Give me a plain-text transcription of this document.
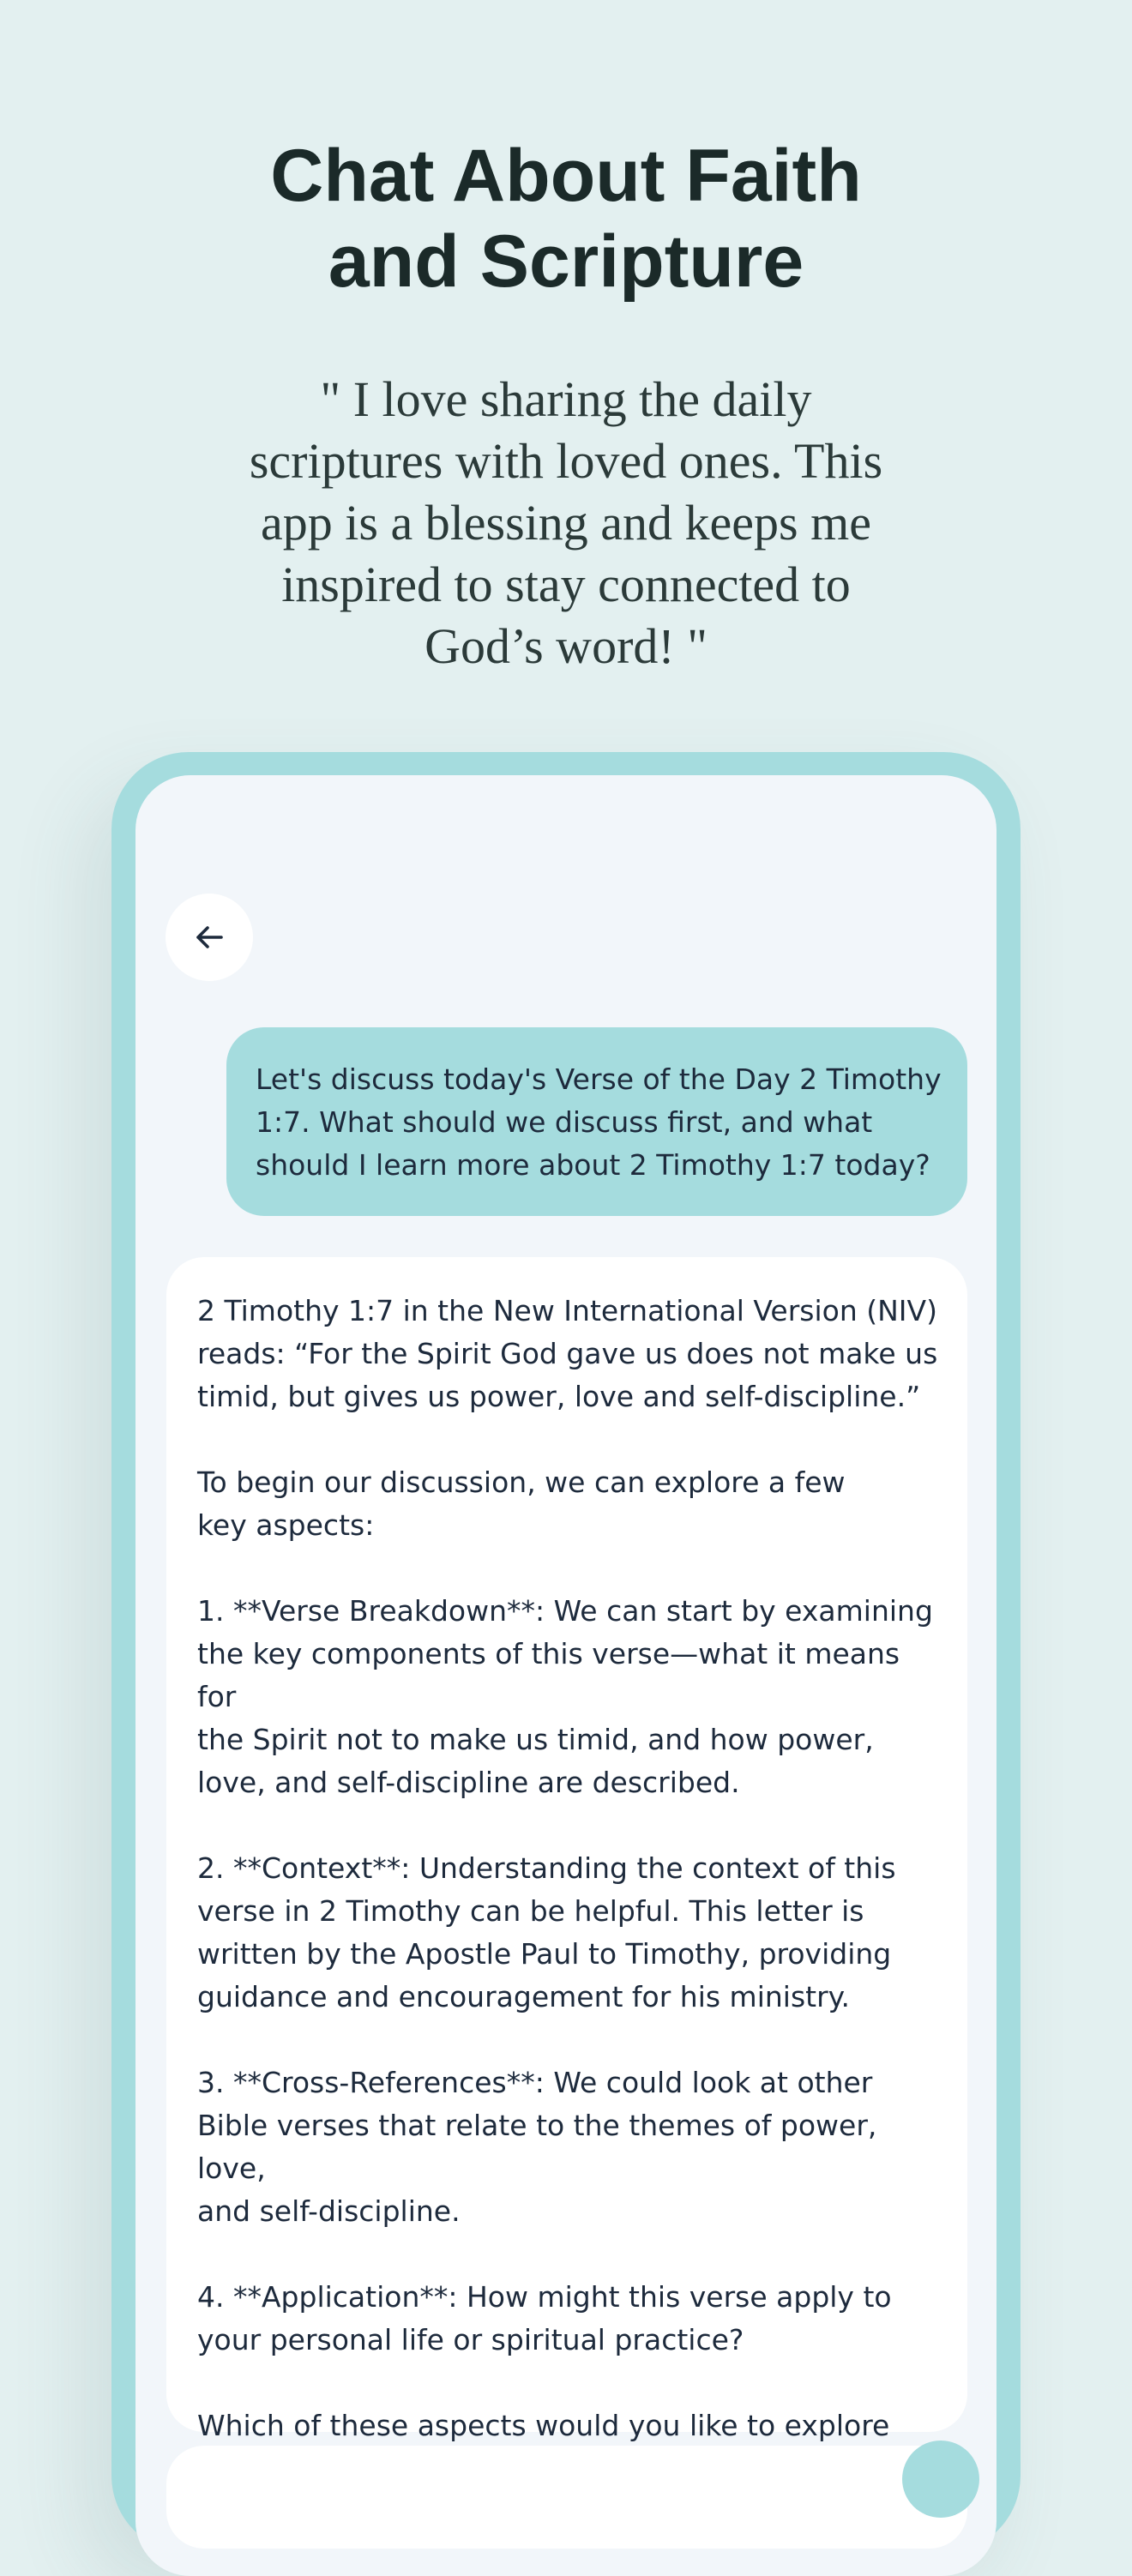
Chat About Faith
and Scripture
" I love sharing the daily
scriptures with loved ones. This
app is a blessing and keeps me
inspired to stay connected to
God’s word! "
Let's discuss today's Verse of the Day 2 Timothy
1:7. What should we discuss first, and what
should I learn more about 2 Timothy 1:7 today?

2 Timothy 1:7 in the New International Version (NIV)
reads: “For the Spirit God gave us does not make us
timid, but gives us power, love and self-discipline.”

To begin our discussion, we can explore a few
key aspects:

1. **Verse Breakdown**: We can start by examining
the key components of this verse—what it means for
the Spirit not to make us timid, and how power,
love, and self-discipline are described.

2. **Context**: Understanding the context of this
verse in 2 Timothy can be helpful. This letter is
written by the Apostle Paul to Timothy, providing
guidance and encouragement for his ministry.

3. **Cross-References**: We could look at other
Bible verses that relate to the themes of power, love,
and self-discipline.

4. **Application**: How might this verse apply to
your personal life or spiritual practice?

Which of these aspects would you like to explore
